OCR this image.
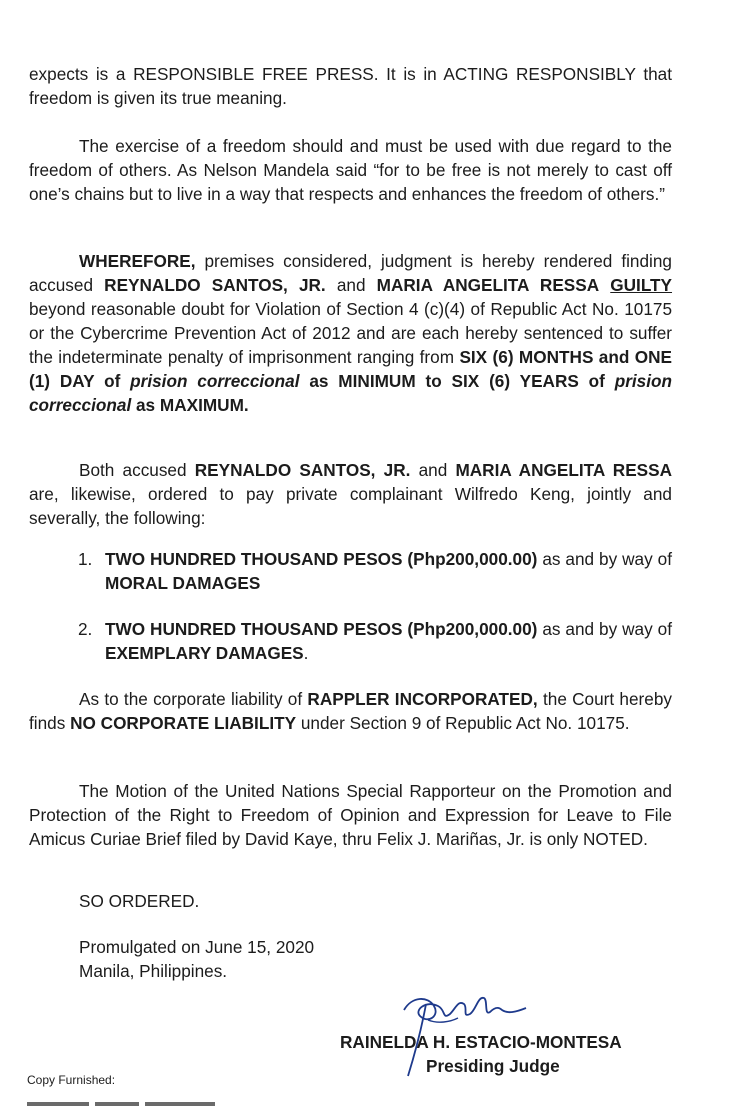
expects is a RESPONSIBLE FREE PRESS. It is in ACTING RESPONSIBLY that freedom is given its true meaning.

The exercise of a freedom should and must be used with due regard to the freedom of others. As Nelson Mandela said “for to be free is not merely to cast off one’s chains but to live in a way that respects and enhances the freedom of others.”

WHEREFORE, premises considered, judgment is hereby rendered finding accused REYNALDO SANTOS, JR. and MARIA ANGELITA RESSA GUILTY beyond reasonable doubt for Violation of Section 4 (c)(4) of Republic Act No. 10175 or the Cybercrime Prevention Act of 2012 and are each hereby sentenced to suffer the indeterminate penalty of imprisonment ranging from SIX (6) MONTHS and ONE (1) DAY of prision correccional as MINIMUM to SIX (6) YEARS of prision correccional as MAXIMUM.

Both accused REYNALDO SANTOS, JR. and MARIA ANGELITA RESSA are, likewise, ordered to pay private complainant Wilfredo Keng, jointly and severally, the following:

1. TWO HUNDRED THOUSAND PESOS (Php200,000.00) as and by way of MORAL DAMAGES
2. TWO HUNDRED THOUSAND PESOS (Php200,000.00) as and by way of EXEMPLARY DAMAGES.

As to the corporate liability of RAPPLER INCORPORATED, the Court hereby finds NO CORPORATE LIABILITY under Section 9 of Republic Act No. 10175.

The Motion of the United Nations Special Rapporteur on the Promotion and Protection of the Right to Freedom of Opinion and Expression for Leave to File Amicus Curiae Brief filed by David Kaye, thru Felix J. Mariñas, Jr. is only NOTED.

SO ORDERED.
Promulgated on June 15, 2020
Manila, Philippines.
RAINELDA H. ESTACIO-MONTESA
Presiding Judge
Copy Furnished:
